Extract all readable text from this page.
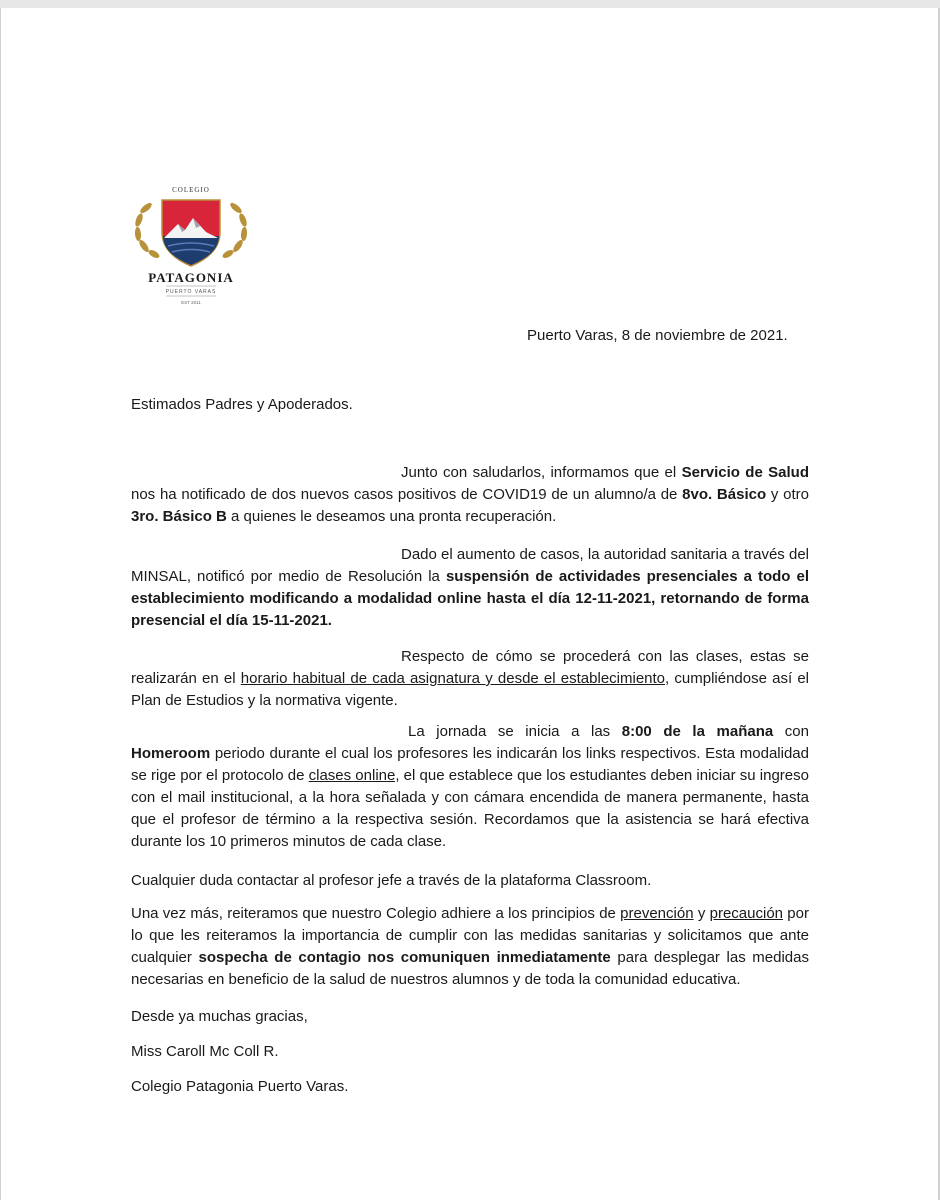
COLEGIO
PATAGONIA
PUERTO VARAS
EST 2011
Puerto Varas, 8 de noviembre de 2021.
Estimados Padres y Apoderados.
Junto con saludarlos, informamos que el Servicio de Salud nos ha notificado de dos nuevos casos positivos de COVID19 de un alumno/a de 8vo. Básico y otro 3ro. Básico B a quienes le deseamos una pronta recuperación.
Dado el aumento de casos, la autoridad sanitaria a través del MINSAL, notificó por medio de Resolución la suspensión de actividades presenciales a todo el establecimiento modificando a modalidad online hasta el día 12-11-2021, retornando de forma presencial el día 15-11-2021.
Respecto de cómo se procederá con las clases, estas se realizarán en el horario habitual de cada asignatura y desde el establecimiento, cumpliéndose así el Plan de Estudios y la normativa vigente.
La jornada se inicia a las 8:00 de la mañana con Homeroom periodo durante el cual los profesores les indicarán los links respectivos. Esta modalidad se rige por el protocolo de clases online, el que establece que los estudiantes deben iniciar su ingreso con el mail institucional, a la hora señalada y con cámara encendida de manera permanente, hasta que el profesor de término a la respectiva sesión. Recordamos que la asistencia se hará efectiva durante los 10 primeros minutos de cada clase.
Cualquier duda contactar al profesor jefe a través de la plataforma Classroom.
Una vez más, reiteramos que nuestro Colegio adhiere a los principios de prevención y precaución por lo que les reiteramos la importancia de cumplir con las medidas sanitarias y solicitamos que ante cualquier sospecha de contagio nos comuniquen inmediatamente para desplegar las medidas necesarias en beneficio de la salud de nuestros alumnos y de toda la comunidad educativa.
Desde ya muchas gracias,
Miss Caroll Mc Coll R.
Colegio Patagonia Puerto Varas.
